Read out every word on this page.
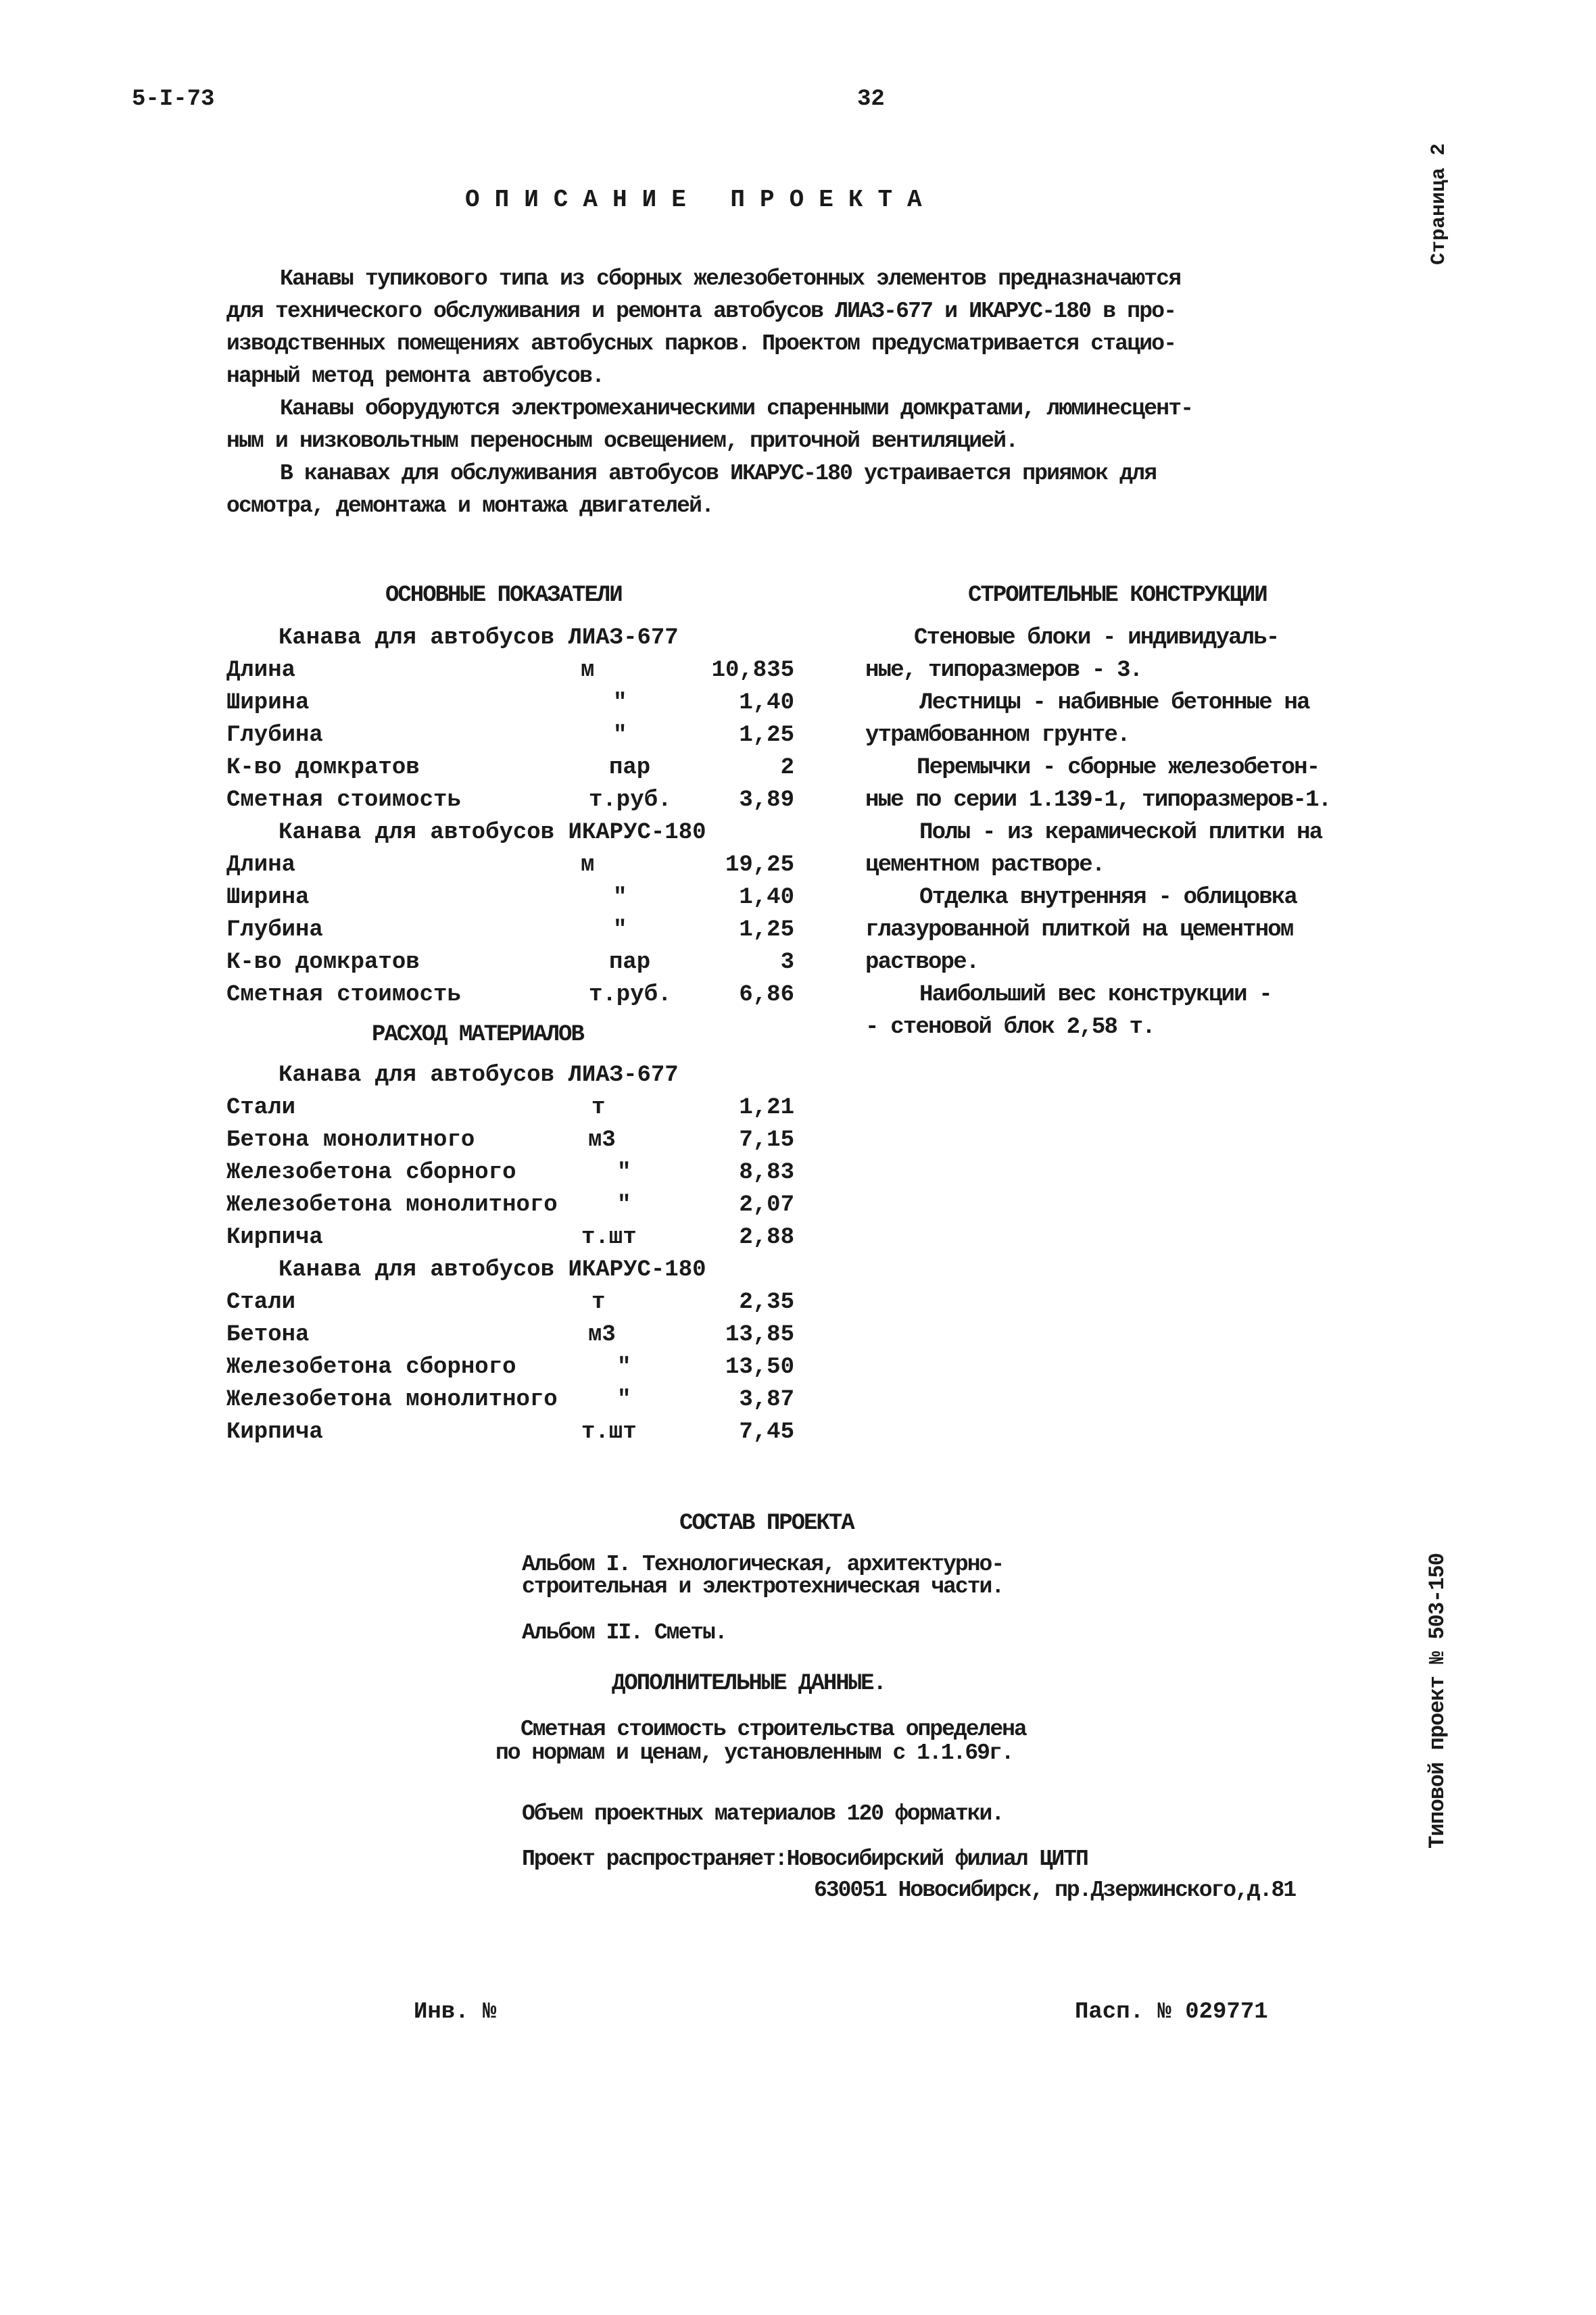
5-I-73	32
Страница 2
ОПИСАНИЕ ПРОЕКТА
Канавы тупикового типа из сборных железобетонных элементов предназначаются
для технического обслуживания и ремонта автобусов ЛИАЗ-677 и ИКАРУС-180 в про-
изводственных помещениях автобусных парков. Проектом предусматривается стацио-
нарный метод ремонта автобусов.
Канавы оборудуются электромеханическими спаренными домкратами, люминесцент-
ным и низковольтным переносным освещением, приточной вентиляцией.
В канавах для обслуживания автобусов ИКАРУС-180 устраивается приямок для
осмотра, демонтажа и монтажа двигателей.
ОСНОВНЫЕ ПОКАЗАТЕЛИ
Канава для автобусов ЛИАЗ-677
Длина	м	10,835
Ширина	"	1,40
Глубина	"	1,25
К-во домкратов	пар	2
Сметная стоимость	т.руб.	3,89
Канава для автобусов ИКАРУС-180
Длина	м	19,25
Ширина	"	1,40
Глубина	"	1,25
К-во домкратов	пар	3
Сметная стоимость	т.руб.	6,86
РАСХОД МАТЕРИАЛОВ
Канава для автобусов ЛИАЗ-677
Стали	т	1,21
Бетона монолитного	м3	7,15
Железобетона сборного	"	8,83
Железобетона монолитного	"	2,07
Кирпича	т.шт	2,88
Канава для автобусов ИКАРУС-180
Стали	т	2,35
Бетона	м3	13,85
Железобетона сборного	"	13,50
Железобетона монолитного	"	3,87
Кирпича	т.шт	7,45
СТРОИТЕЛЬНЫЕ КОНСТРУКЦИИ
Стеновые блоки - индивидуаль-
ные, типоразмеров - 3.
Лестницы - набивные бетонные на
утрамбованном грунте.
Перемычки - сборные железобетон-
ные по серии 1.139-1, типоразмеров-1.
Полы - из керамической плитки на
цементном растворе.
Отделка внутренняя - облицовка
глазурованной плиткой на цементном
растворе.
Наибольший вес конструкции -
- стеновой блок 2,58 т.
СОСТАВ ПРОЕКТА
Альбом I. Технологическая, архитектурно-
строительная и электротехническая части.
Альбом II. Сметы.
ДОПОЛНИТЕЛЬНЫЕ ДАННЫЕ.
Сметная стоимость строительства определена
по нормам и ценам, установленным с 1.1.69г.
Объем проектных материалов 120 форматки.
Проект распространяет:Новосибирский филиал ЦИТП
630051 Новосибирск, пр.Дзержинского,д.81
Типовой проект № 503-150
Инв. №	Пасп. № 029771
